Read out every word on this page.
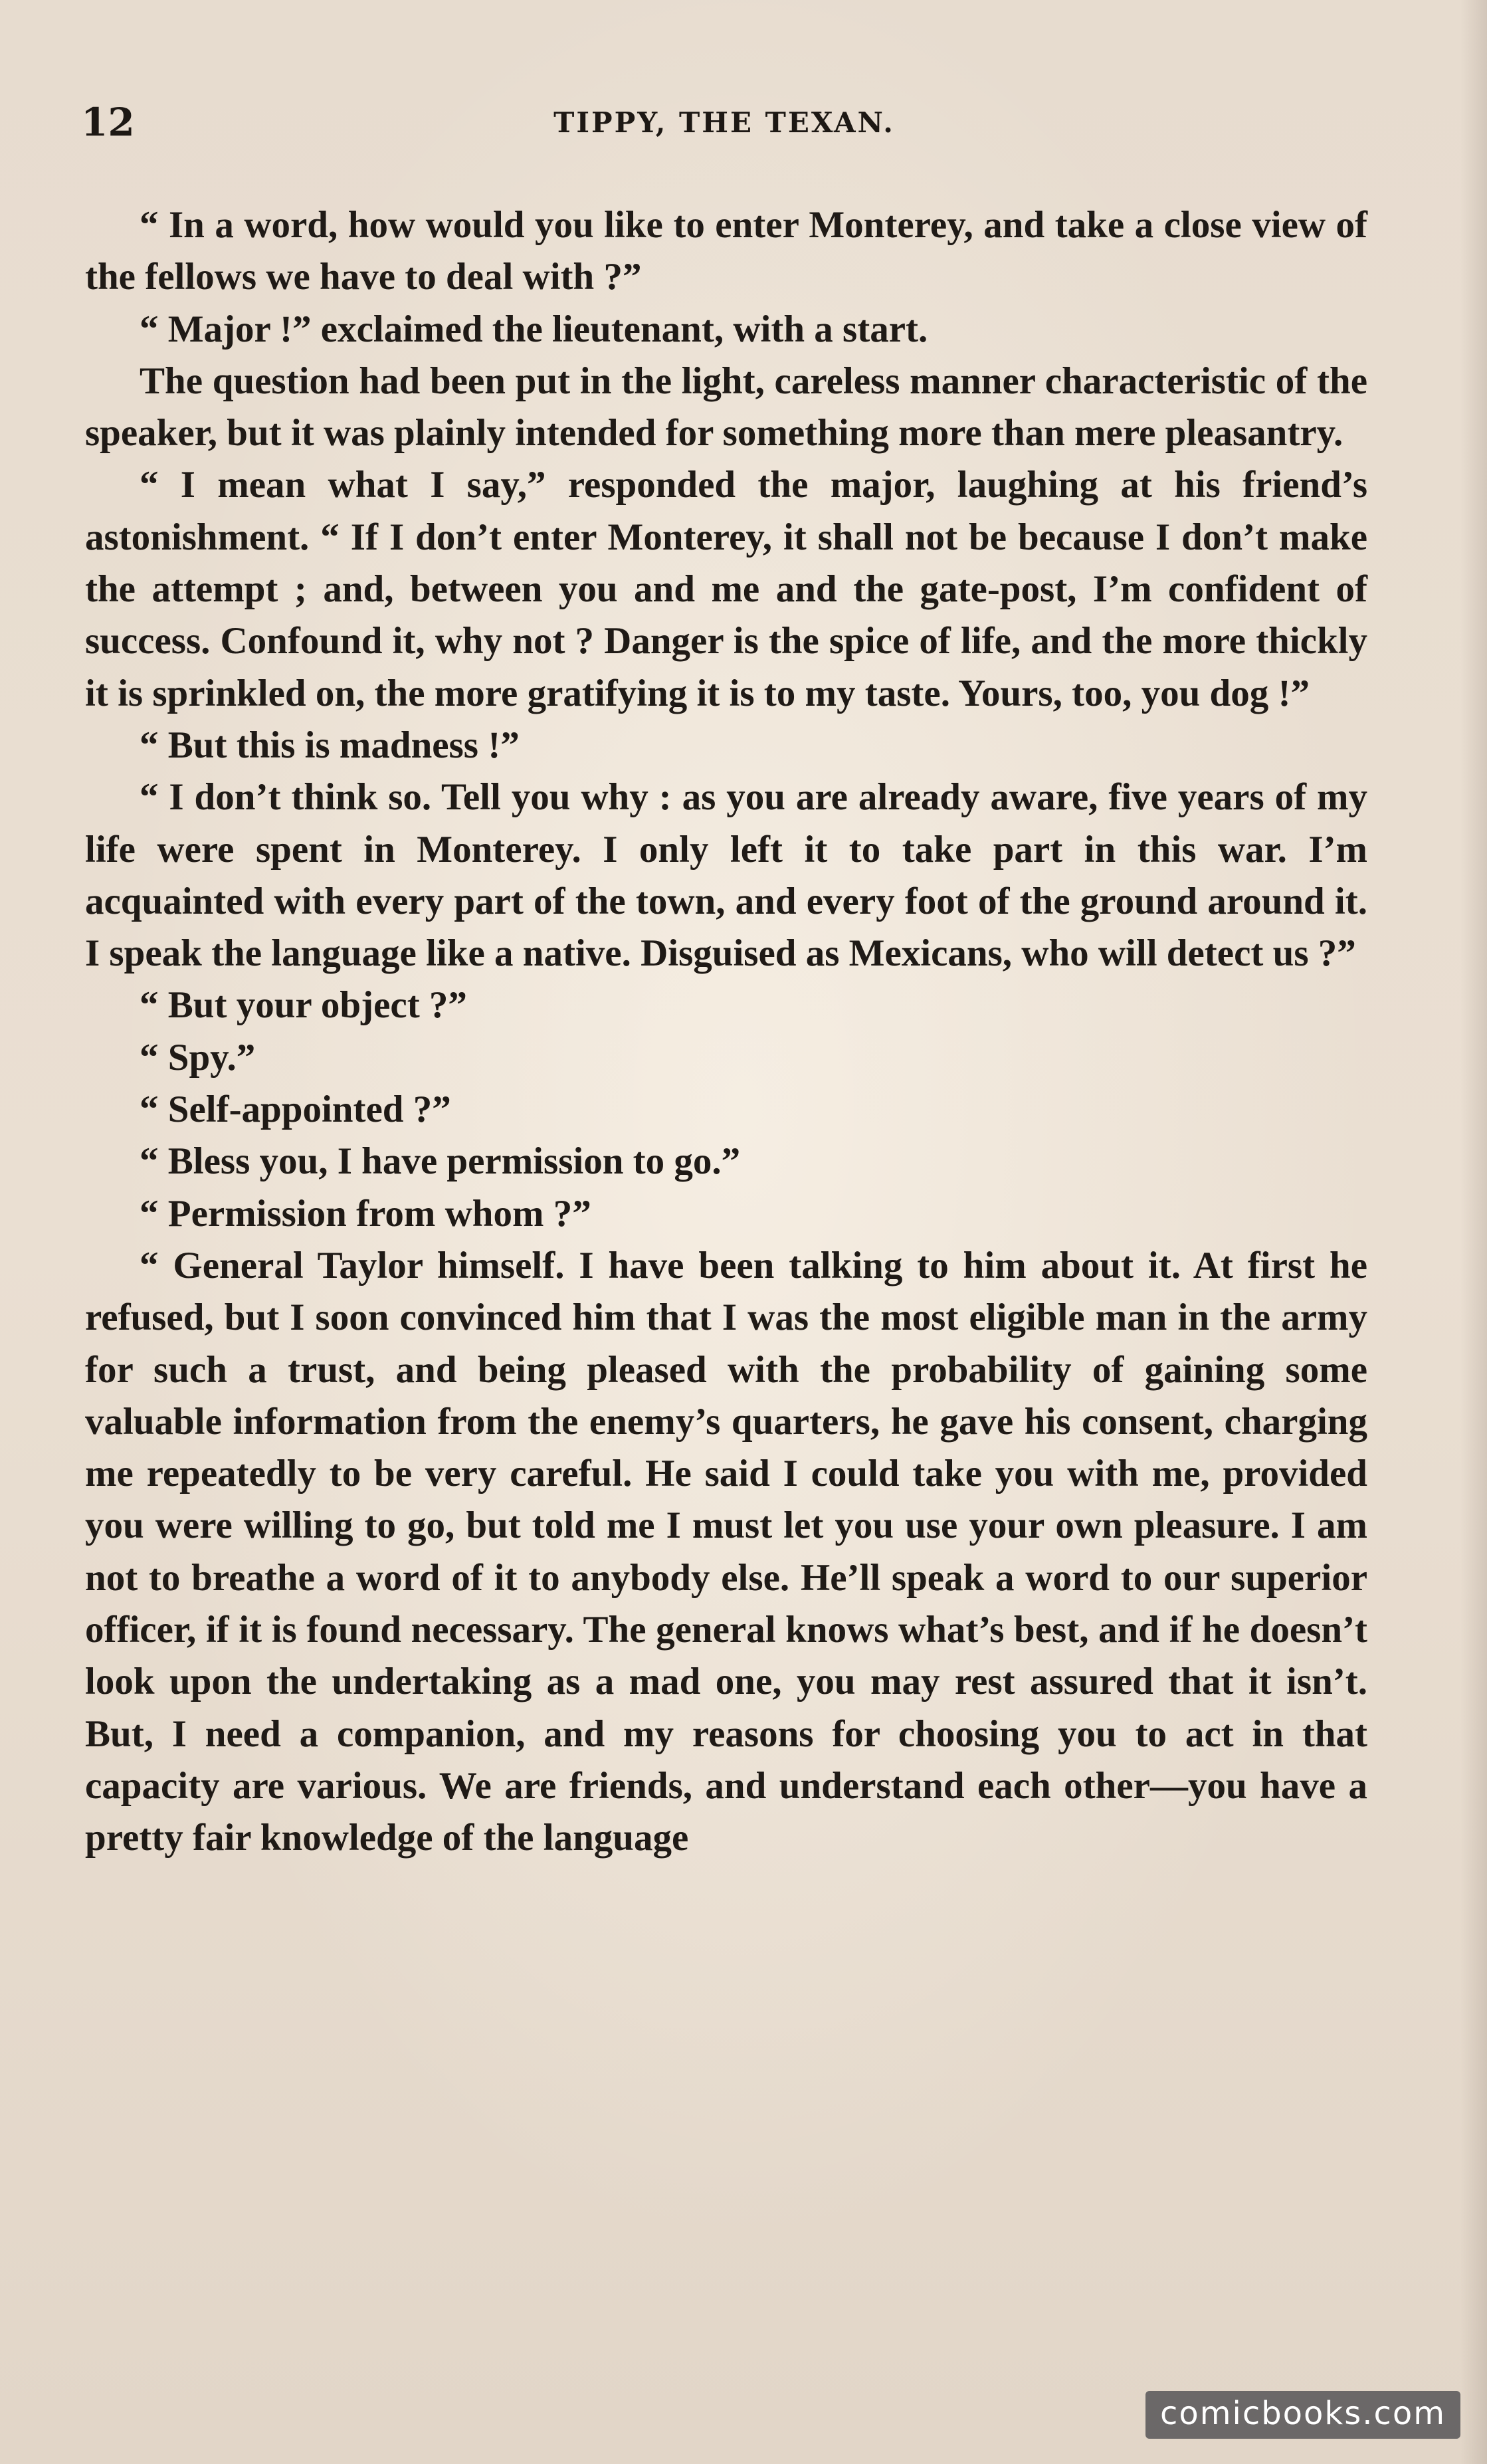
12	TIPPY, THE TEXAN.

“ In a word, how would you like to enter Monterey, and take a close view of the fellows we have to deal with ?”

“ Major !” exclaimed the lieutenant, with a start.

The question had been put in the light, careless manner characteristic of the speaker, but it was plainly intended for something more than mere pleasantry.

“ I mean what I say,” responded the major, laughing at his friend’s astonishment. “ If I don’t enter Monterey, it shall not be because I don’t make the attempt ; and, between you and me and the gate-post, I’m confident of success. Confound it, why not ? Danger is the spice of life, and the more thickly it is sprinkled on, the more gratifying it is to my taste. Yours, too, you dog !”

“ But this is madness !”

“ I don’t think so. Tell you why : as you are already aware, five years of my life were spent in Monterey. I only left it to take part in this war. I’m acquainted with every part of the town, and every foot of the ground around it. I speak the language like a native. Disguised as Mexicans, who will detect us ?”

“ But your object ?”

“ Spy.”

“ Self-appointed ?”

“ Bless you, I have permission to go.”

“ Permission from whom ?”

“ General Taylor himself. I have been talking to him about it. At first he refused, but I soon convinced him that I was the most eligible man in the army for such a trust, and being pleased with the probability of gaining some valuable information from the enemy’s quarters, he gave his consent, charging me repeatedly to be very careful. He said I could take you with me, provided you were willing to go, but told me I must let you use your own pleasure. I am not to breathe a word of it to anybody else. He’ll speak a word to our superior officer, if it is found necessary. The general knows what’s best, and if he doesn’t look upon the undertaking as a mad one, you may rest assured that it isn’t. But, I need a companion, and my reasons for choosing you to act in that capacity are various. We are friends, and understand each other—you have a pretty fair knowledge of the language

comicbooks.com
